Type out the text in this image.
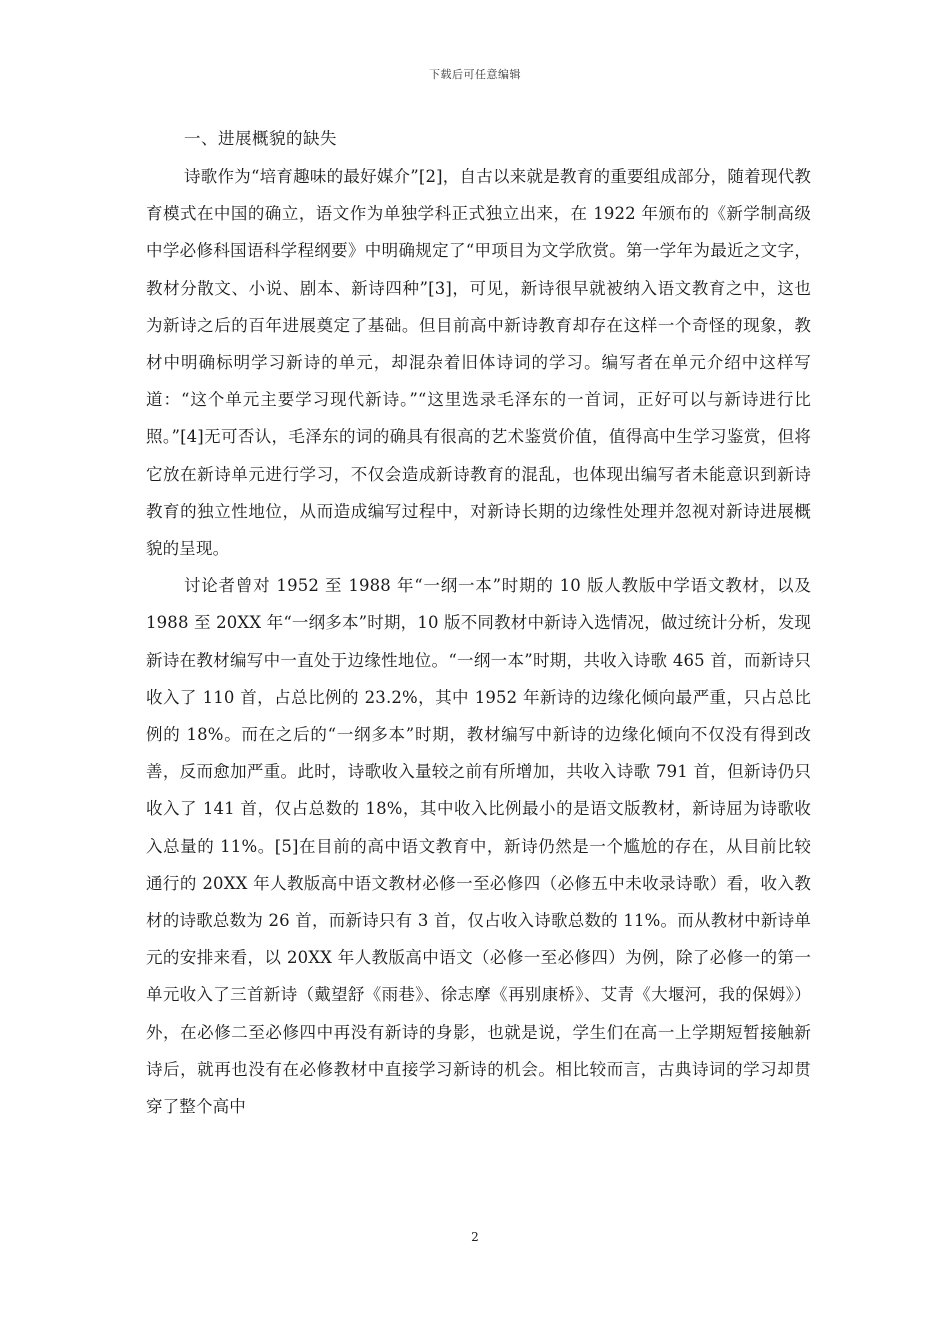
下载后可任意编辑
一、进展概貌的缺失

诗歌作为“培育趣味的最好媒介”[2]，自古以来就是教育的重要组成部分，随着现代教育模式在中国的确立，语文作为单独学科正式独立出来，在 1922 年颁布的《新学制高级中学必修科国语科学程纲要》中明确规定了“甲项目为文学欣赏。第一学年为最近之文字，教材分散文、小说、剧本、新诗四种”[3]，可见，新诗很早就被纳入语文教育之中，这也为新诗之后的百年进展奠定了基础。但目前高中新诗教育却存在这样一个奇怪的现象，教材中明确标明学习新诗的单元，却混杂着旧体诗词的学习。编写者在单元介绍中这样写道：“这个单元主要学习现代新诗。”“这里选录毛泽东的一首词，正好可以与新诗进行比照。”[4]无可否认，毛泽东的词的确具有很高的艺术鉴赏价值，值得高中生学习鉴赏，但将它放在新诗单元进行学习，不仅会造成新诗教育的混乱，也体现出编写者未能意识到新诗教育的独立性地位，从而造成编写过程中，对新诗长期的边缘性处理并忽视对新诗进展概貌的呈现。

讨论者曾对 1952 至 1988 年“一纲一本”时期的 10 版人教版中学语文教材，以及 1988 至 20XX 年“一纲多本”时期，10 版不同教材中新诗入选情况，做过统计分析，发现新诗在教材编写中一直处于边缘性地位。“一纲一本”时期，共收入诗歌 465 首，而新诗只收入了 110 首，占总比例的 23.2%，其中 1952 年新诗的边缘化倾向最严重，只占总比例的 18%。而在之后的“一纲多本”时期，教材编写中新诗的边缘化倾向不仅没有得到改善，反而愈加严重。此时，诗歌收入量较之前有所增加，共收入诗歌 791 首，但新诗仍只收入了 141 首，仅占总数的 18%，其中收入比例最小的是语文版教材，新诗屈为诗歌收入总量的 11%。[5]在目前的高中语文教育中，新诗仍然是一个尴尬的存在，从目前比较通行的 20XX 年人教版高中语文教材必修一至必修四（必修五中未收录诗歌）看，收入教材的诗歌总数为 26 首，而新诗只有 3 首，仅占收入诗歌总数的 11%。而从教材中新诗单元的安排来看，以 20XX 年人教版高中语文（必修一至必修四）为例，除了必修一的第一单元收入了三首新诗（戴望舒《雨巷》、徐志摩《再别康桥》、艾青《大堰河，我的保姆》）外，在必修二至必修四中再没有新诗的身影，也就是说，学生们在高一上学期短暂接触新诗后，就再也没有在必修教材中直接学习新诗的机会。相比较而言，古典诗词的学习却贯穿了整个高中

2
